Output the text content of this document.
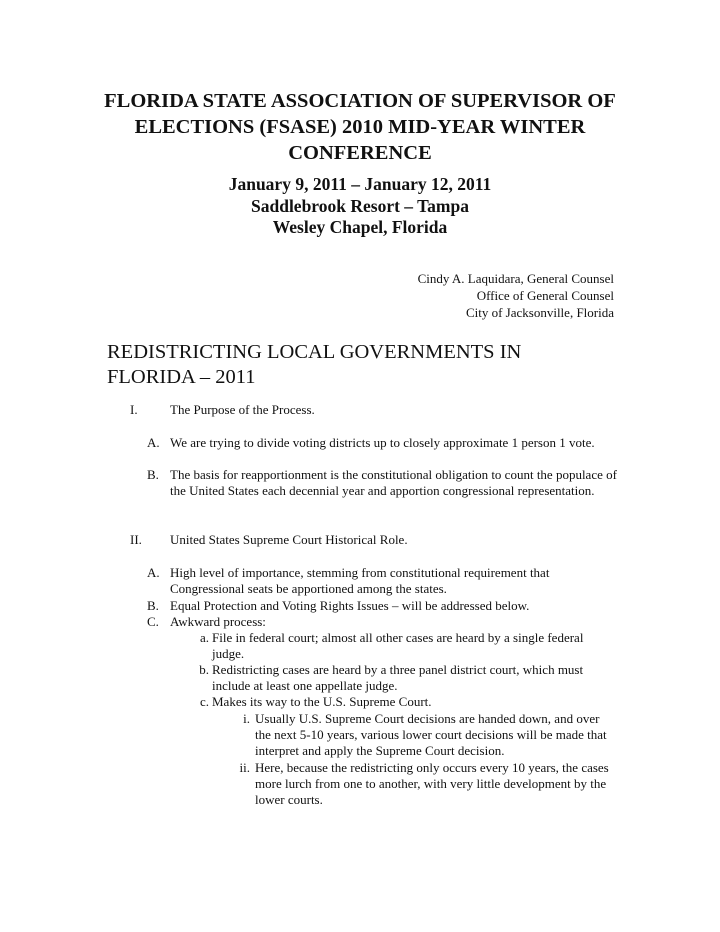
FLORIDA STATE ASSOCIATION OF SUPERVISOR OF ELECTIONS (FSASE) 2010 MID-YEAR WINTER CONFERENCE
January 9, 2011 – January 12, 2011
Saddlebrook Resort – Tampa
Wesley Chapel, Florida
Cindy A. Laquidara, General Counsel
Office of General Counsel
City of Jacksonville, Florida
REDISTRICTING LOCAL GOVERNMENTS IN FLORIDA – 2011
I. The Purpose of the Process.
A. We are trying to divide voting districts up to closely approximate 1 person 1 vote.
B. The basis for reapportionment is the constitutional obligation to count the populace of the United States each decennial year and apportion congressional representation.
II. United States Supreme Court Historical Role.
A. High level of importance, stemming from constitutional requirement that Congressional seats be apportioned among the states.
B. Equal Protection and Voting Rights Issues – will be addressed below.
C. Awkward process:
a. File in federal court; almost all other cases are heard by a single federal judge.
b. Redistricting cases are heard by a three panel district court, which must include at least one appellate judge.
c. Makes its way to the U.S. Supreme Court.
i. Usually U.S. Supreme Court decisions are handed down, and over the next 5-10 years, various lower court decisions will be made that interpret and apply the Supreme Court decision.
ii. Here, because the redistricting only occurs every 10 years, the cases more lurch from one to another, with very little development by the lower courts.
